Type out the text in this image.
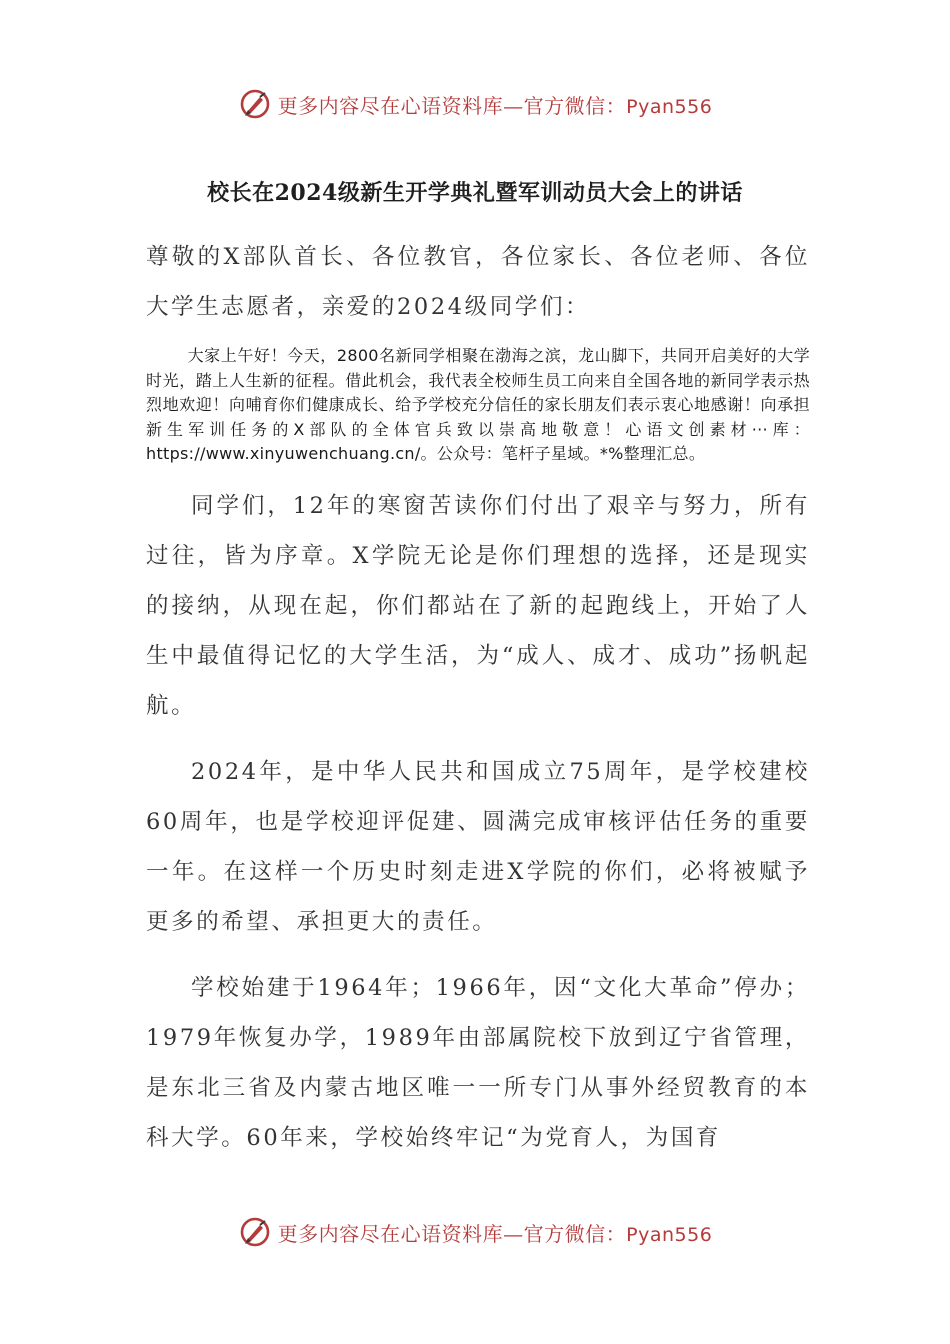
更多内容尽在心语资料库—官方微信：Pyan556
校长在2024级新生开学典礼暨军训动员大会上的讲话

尊敬的X部队首长、各位教官，各位家长、各位老师、各位大学生志愿者，亲爱的2024级同学们：

大家上午好！今天，2800名新同学相聚在渤海之滨，龙山脚下，共同开启美好的大学时光，踏上人生新的征程。借此机会，我代表全校师生员工向来自全国各地的新同学表示热烈地欢迎！向哺育你们健康成长、给予学校充分信任的家长朋友们表示衷心地感谢！向承担新生军训任务的X部队的全体官兵致以崇高地敬意！心语文创素材···库：https://www.xinyuwenchuang.cn/。公众号：笔杆子星域。*%整理汇总。

同学们，12年的寒窗苦读你们付出了艰辛与努力，所有过往，皆为序章。X学院无论是你们理想的选择，还是现实的接纳，从现在起，你们都站在了新的起跑线上，开始了人生中最值得记忆的大学生活，为“成人、成才、成功”扬帆起航。

2024年，是中华人民共和国成立75周年，是学校建校60周年，也是学校迎评促建、圆满完成审核评估任务的重要一年。在这样一个历史时刻走进X学院的你们，必将被赋予更多的希望、承担更大的责任。

学校始建于1964年；1966年，因“文化大革命”停办；1979年恢复办学，1989年由部属院校下放到辽宁省管理，是东北三省及内蒙古地区唯一一所专门从事外经贸教育的本科大学。60年来，学校始终牢记“为党育人，为国育

更多内容尽在心语资料库—官方微信：Pyan556
